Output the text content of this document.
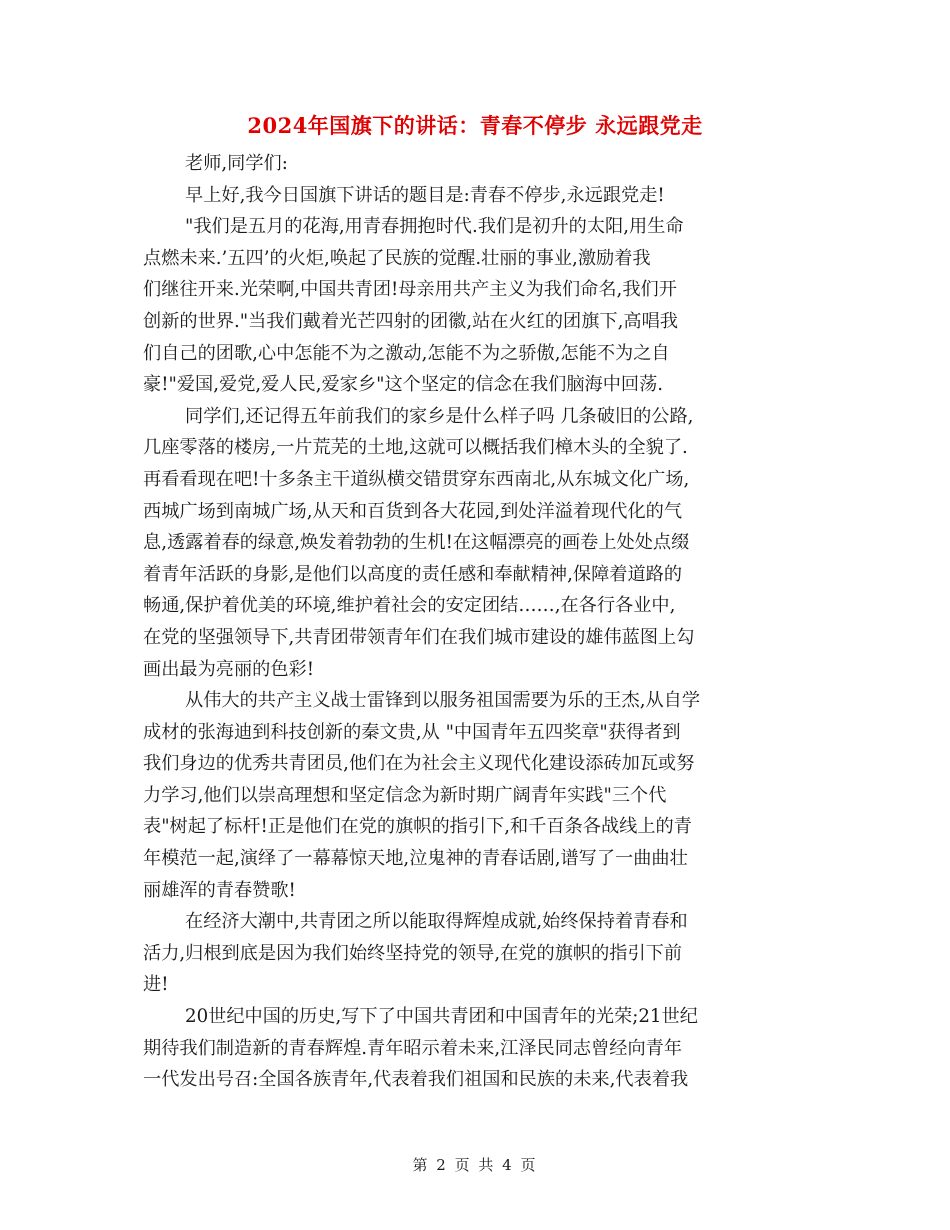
2024年国旗下的讲话：青春不停步 永远跟党走
老师,同学们:
早上好,我今日国旗下讲话的题目是:青春不停步,永远跟党走!
"我们是五月的花海,用青春拥抱时代.我们是初升的太阳,用生命
点燃未来.’五四’的火炬,唤起了民族的觉醒.壮丽的事业,激励着我
们继往开来.光荣啊,中国共青团!母亲用共产主义为我们命名,我们开
创新的世界."当我们戴着光芒四射的团徽,站在火红的团旗下,高唱我
们自己的团歌,心中怎能不为之激动,怎能不为之骄傲,怎能不为之自
豪!"爱国,爱党,爱人民,爱家乡"这个坚定的信念在我们脑海中回荡.
同学们,还记得五年前我们的家乡是什么样子吗 几条破旧的公路,
几座零落的楼房,一片荒芜的土地,这就可以概括我们樟木头的全貌了.
再看看现在吧!十多条主干道纵横交错贯穿东西南北,从东城文化广场,
西城广场到南城广场,从天和百货到各大花园,到处洋溢着现代化的气
息,透露着春的绿意,焕发着勃勃的生机!在这幅漂亮的画卷上处处点缀
着青年活跃的身影,是他们以高度的责任感和奉献精神,保障着道路的
畅通,保护着优美的环境,维护着社会的安定团结……,在各行各业中,
在党的坚强领导下,共青团带领青年们在我们城市建设的雄伟蓝图上勾
画出最为亮丽的色彩!
从伟大的共产主义战士雷锋到以服务祖国需要为乐的王杰,从自学
成材的张海迪到科技创新的秦文贵,从 "中国青年五四奖章"获得者到
我们身边的优秀共青团员,他们在为社会主义现代化建设添砖加瓦或努
力学习,他们以崇高理想和坚定信念为新时期广阔青年实践"三个代
表"树起了标杆!正是他们在党的旗帜的指引下,和千百条各战线上的青
年模范一起,演绎了一幕幕惊天地,泣鬼神的青春话剧,谱写了一曲曲壮
丽雄浑的青春赞歌!
在经济大潮中,共青团之所以能取得辉煌成就,始终保持着青春和
活力,归根到底是因为我们始终坚持党的领导,在党的旗帜的指引下前
进!
20世纪中国的历史,写下了中国共青团和中国青年的光荣;21世纪
期待我们制造新的青春辉煌.青年昭示着未来,江泽民同志曾经向青年
一代发出号召:全国各族青年,代表着我们祖国和民族的未来,代表着我
第 2 页 共 4 页
